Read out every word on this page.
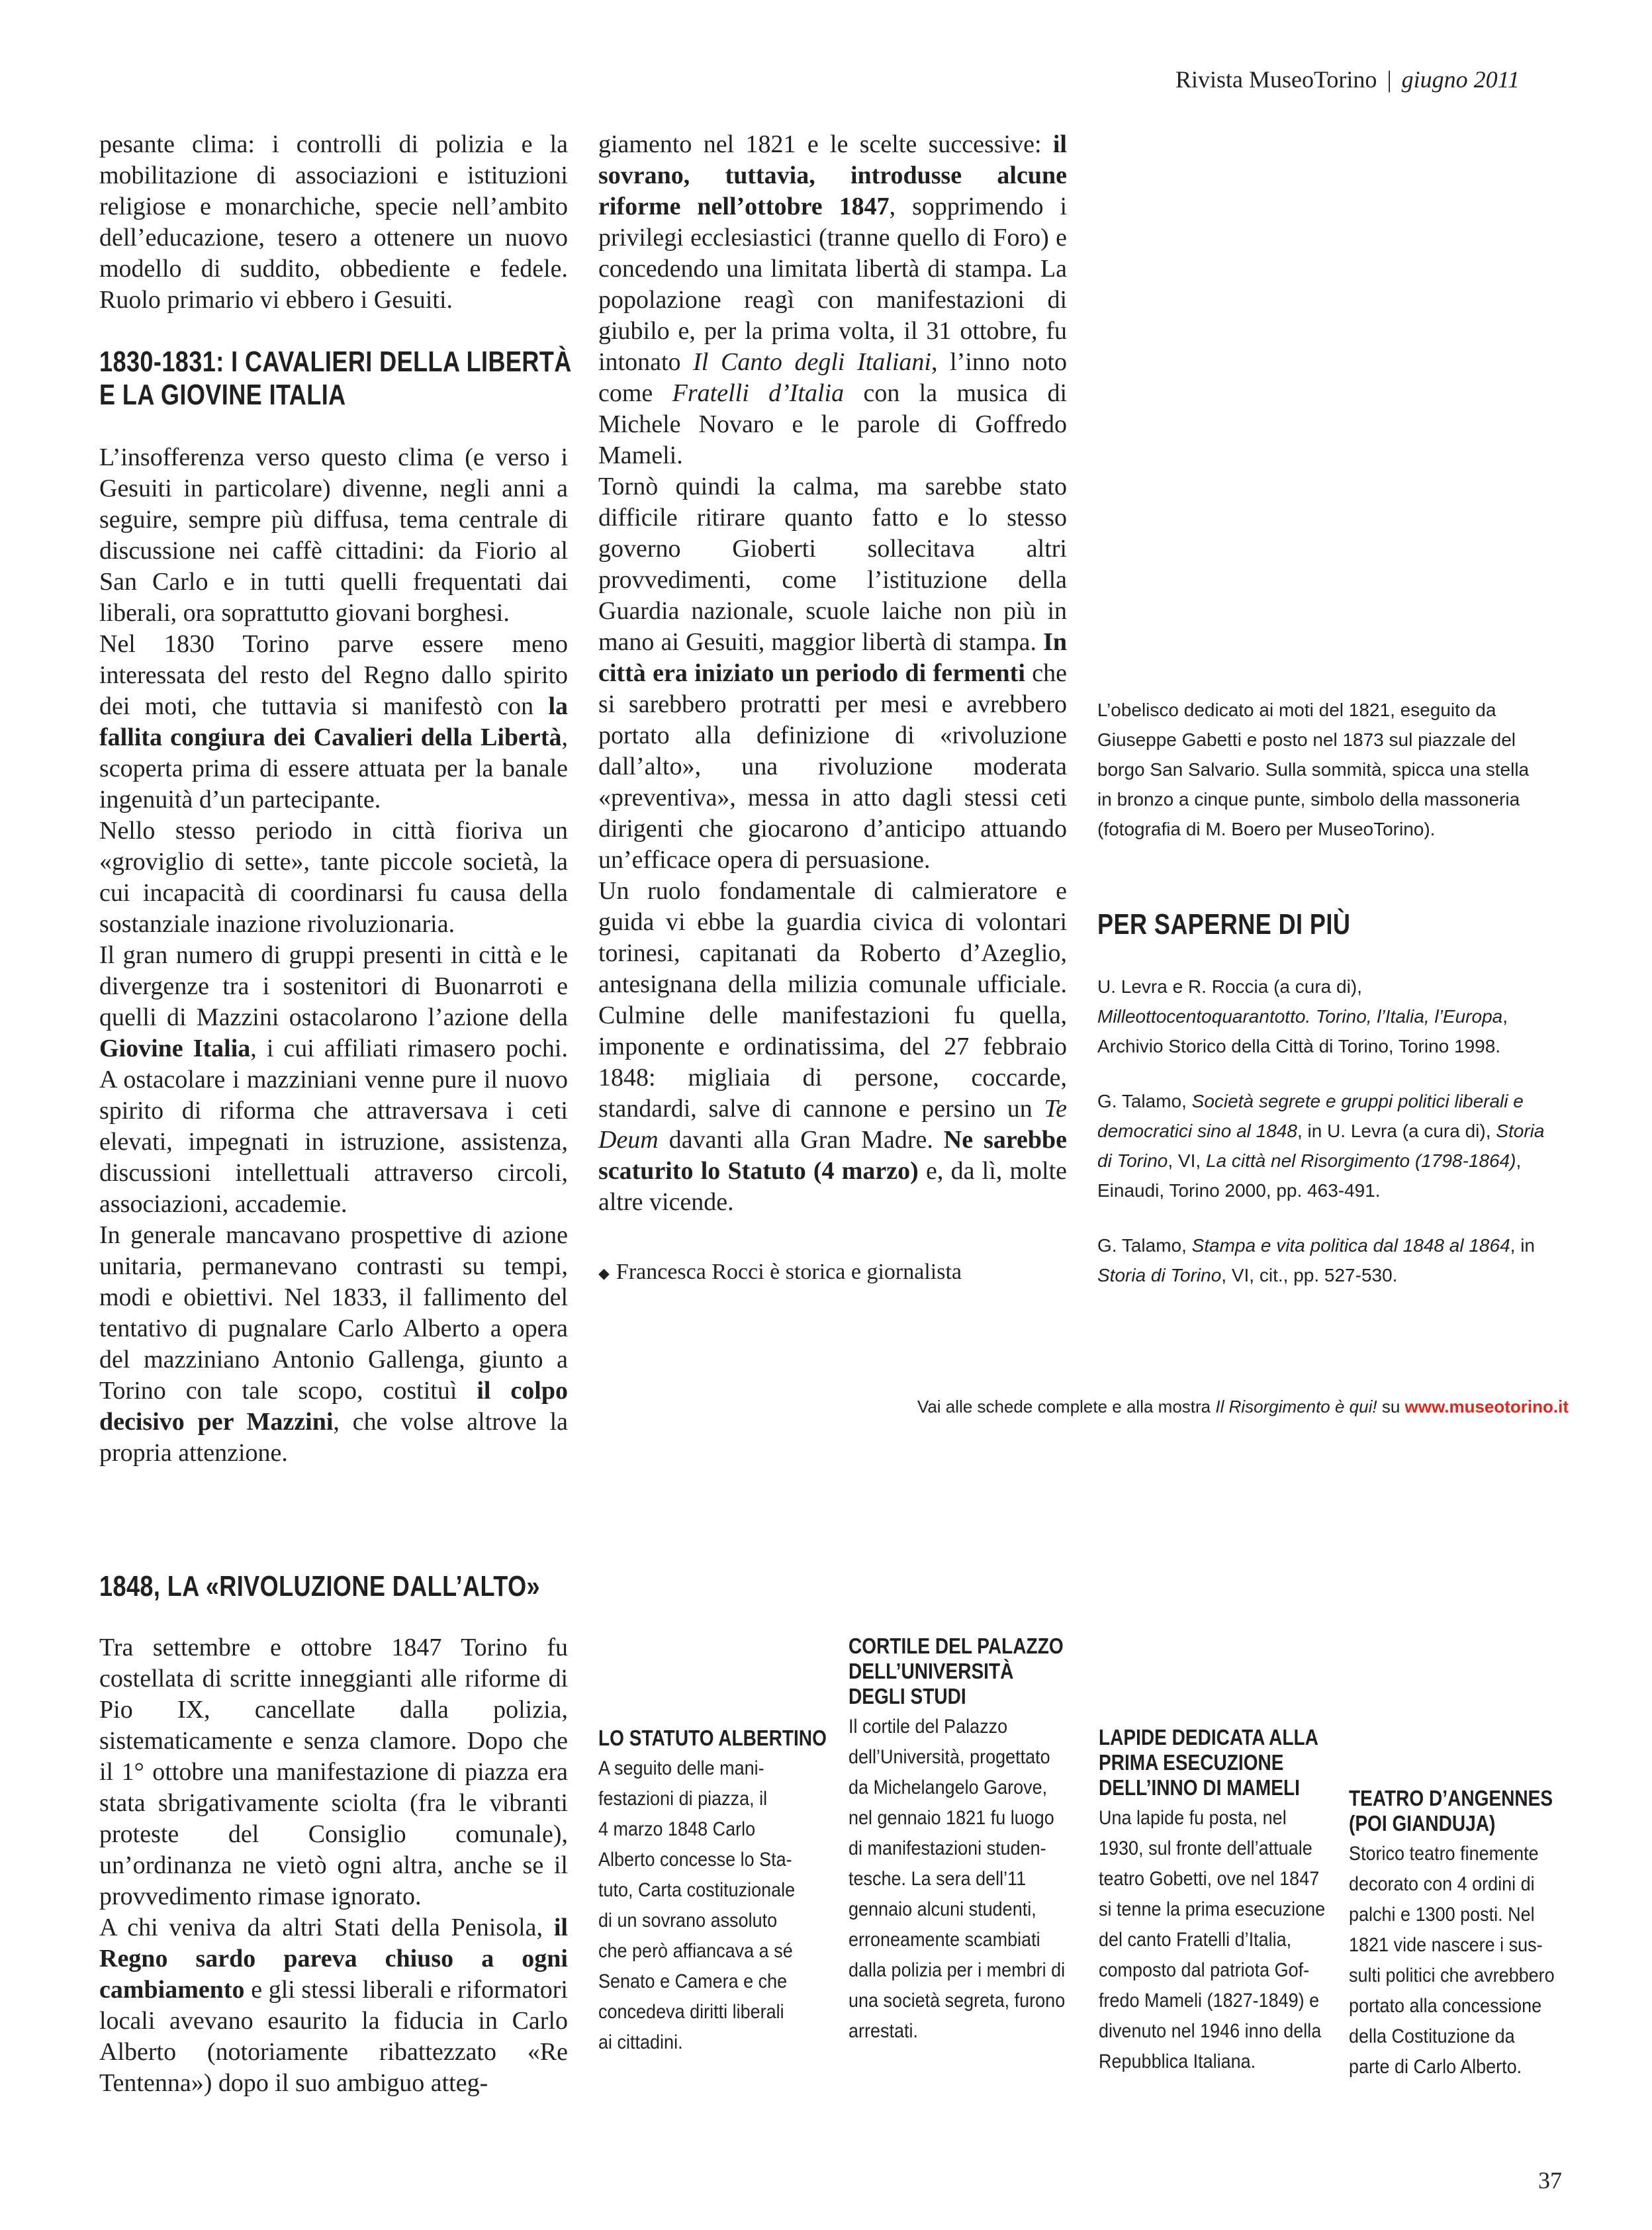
Rivista MuseoTorino | giugno 2011

pesante clima: i controlli di polizia e la mobilitazione di associazioni e istituzioni religiose e monarchiche, specie nell’ambito dell’educazione, tesero a ottenere un nuovo modello di suddito, obbediente e fedele. Ruolo primario vi ebbero i Gesuiti.

1830-1831: I CAVALIERI DELLA LIBERTÀ
E LA GIOVINE ITALIA

L’insofferenza verso questo clima (e verso i Gesuiti in particolare) divenne, negli anni a seguire, sempre più diffusa, tema centrale di discussione nei caffè cittadini: da Fiorio al San Carlo e in tutti quelli frequentati dai liberali, ora soprattutto giovani borghesi.

Nel 1830 Torino parve essere meno interessata del resto del Regno dallo spirito dei moti, che tuttavia si manifestò con la fallita congiura dei Cavalieri della Libertà, scoperta prima di essere attuata per la banale ingenuità d’un partecipante.

Nello stesso periodo in città fioriva un «groviglio di sette», tante piccole società, la cui incapacità di coordinarsi fu causa della sostanziale inazione rivoluzionaria.

Il gran numero di gruppi presenti in città e le divergenze tra i sostenitori di Buonarroti e quelli di Mazzini ostacolarono l’azione della Giovine Italia, i cui affiliati rimasero pochi. A ostacolare i mazziniani venne pure il nuovo spirito di riforma che attraversava i ceti elevati, impegnati in istruzione, assistenza, discussioni intellettuali attraverso circoli, associazioni, accademie.

In generale mancavano prospettive di azione unitaria, permanevano contrasti su tempi, modi e obiettivi. Nel 1833, il fallimento del tentativo di pugnalare Carlo Alberto a opera del mazziniano Antonio Gallenga, giunto a Torino con tale scopo, costituì il colpo decisivo per Mazzini, che volse altrove la propria attenzione.

1848, LA «RIVOLUZIONE DALL’ALTO»

Tra settembre e ottobre 1847 Torino fu costellata di scritte inneggianti alle riforme di Pio IX, cancellate dalla polizia, sistematicamente e senza clamore. Dopo che il 1° ottobre una manifestazione di piazza era stata sbrigativamente sciolta (fra le vibranti proteste del Consiglio comunale), un’ordinanza ne vietò ogni altra, anche se il provvedimento rimase ignorato.

A chi veniva da altri Stati della Penisola, il Regno sardo pareva chiuso a ogni cambiamento e gli stessi liberali e riformatori locali avevano esaurito la fiducia in Carlo Alberto (notoriamente ribattezzato «Re Tentenna») dopo il suo ambiguo atteg-

giamento nel 1821 e le scelte successive: il sovrano, tuttavia, introdusse alcune riforme nell’ottobre 1847, sopprimendo i privilegi ecclesiastici (tranne quello di Foro) e concedendo una limitata libertà di stampa. La popolazione reagì con manifestazioni di giubilo e, per la prima volta, il 31 ottobre, fu intonato Il Canto degli Italiani, l’inno noto come Fratelli d’Italia con la musica di Michele Novaro e le parole di Goffredo Mameli.

Tornò quindi la calma, ma sarebbe stato difficile ritirare quanto fatto e lo stesso governo Gioberti sollecitava altri provvedimenti, come l’istituzione della Guardia nazionale, scuole laiche non più in mano ai Gesuiti, maggior libertà di stampa. In città era iniziato un periodo di fermenti che si sarebbero protratti per mesi e avrebbero portato alla definizione di «rivoluzione dall’alto», una rivoluzione moderata «preventiva», messa in atto dagli stessi ceti dirigenti che giocarono d’anticipo attuando un’efficace opera di persuasione.

Un ruolo fondamentale di calmieratore e guida vi ebbe la guardia civica di volontari torinesi, capitanati da Roberto d’Azeglio, antesignana della milizia comunale ufficiale. Culmine delle manifestazioni fu quella, imponente e ordinatissima, del 27 febbraio 1848: migliaia di persone, coccarde, standardi, salve di cannone e persino un Te Deum davanti alla Gran Madre. Ne sarebbe scaturito lo Statuto (4 marzo) e, da lì, molte altre vicende.

◆ Francesca Rocci è storica e giornalista
L’obelisco dedicato ai moti del 1821, eseguito da Giuseppe Gabetti e posto nel 1873 sul piazzale del borgo San Salvario. Sulla sommità, spicca una stella in bronzo a cinque punte, simbolo della massoneria (fotografia di M. Boero per MuseoTorino).
PER SAPERNE DI PIÙ

U. Levra e R. Roccia (a cura di), Milleottocentoquarantotto. Torino, l’Italia, l’Europa, Archivio Storico della Città di Torino, Torino 1998.

G. Talamo, Società segrete e gruppi politici liberali e democratici sino al 1848, in U. Levra (a cura di), Storia di Torino, VI, La città nel Risorgimento (1798-1864), Einaudi, Torino 2000, pp. 463-491.

G. Talamo, Stampa e vita politica dal 1848 al 1864, in Storia di Torino, VI, cit., pp. 527-530.

Vai alle schede complete e alla mostra Il Risorgimento è qui! su www.museotorino.it
LO STATUTO ALBERTINO
A seguito delle mani-
festazioni di piazza, il
4 marzo 1848 Carlo
Alberto concesse lo Sta-
tuto, Carta costituzionale
di un sovrano assoluto
che però affiancava a sé
Senato e Camera e che
concedeva diritti liberali
ai cittadini.
CORTILE DEL PALAZZO
DELL’UNIVERSITÀ
DEGLI STUDI
Il cortile del Palazzo
dell’Università, progettato
da Michelangelo Garove,
nel gennaio 1821 fu luogo
di manifestazioni studen-
tesche. La sera dell’11
gennaio alcuni studenti,
erroneamente scambiati
dalla polizia per i membri di
una società segreta, furono
arrestati.
LAPIDE DEDICATA ALLA
PRIMA ESECUZIONE
DELL’INNO DI MAMELI
Una lapide fu posta, nel
1930, sul fronte dell’attuale
teatro Gobetti, ove nel 1847
si tenne la prima esecuzione
del canto Fratelli d’Italia,
composto dal patriota Gof-
fredo Mameli (1827-1849) e
divenuto nel 1946 inno della
Repubblica Italiana.
TEATRO D’ANGENNES
(POI GIANDUJA)
Storico teatro finemente
decorato con 4 ordini di
palchi e 1300 posti. Nel
1821 vide nascere i sus-
sulti politici che avrebbero
portato alla concessione
della Costituzione da
parte di Carlo Alberto.
37
